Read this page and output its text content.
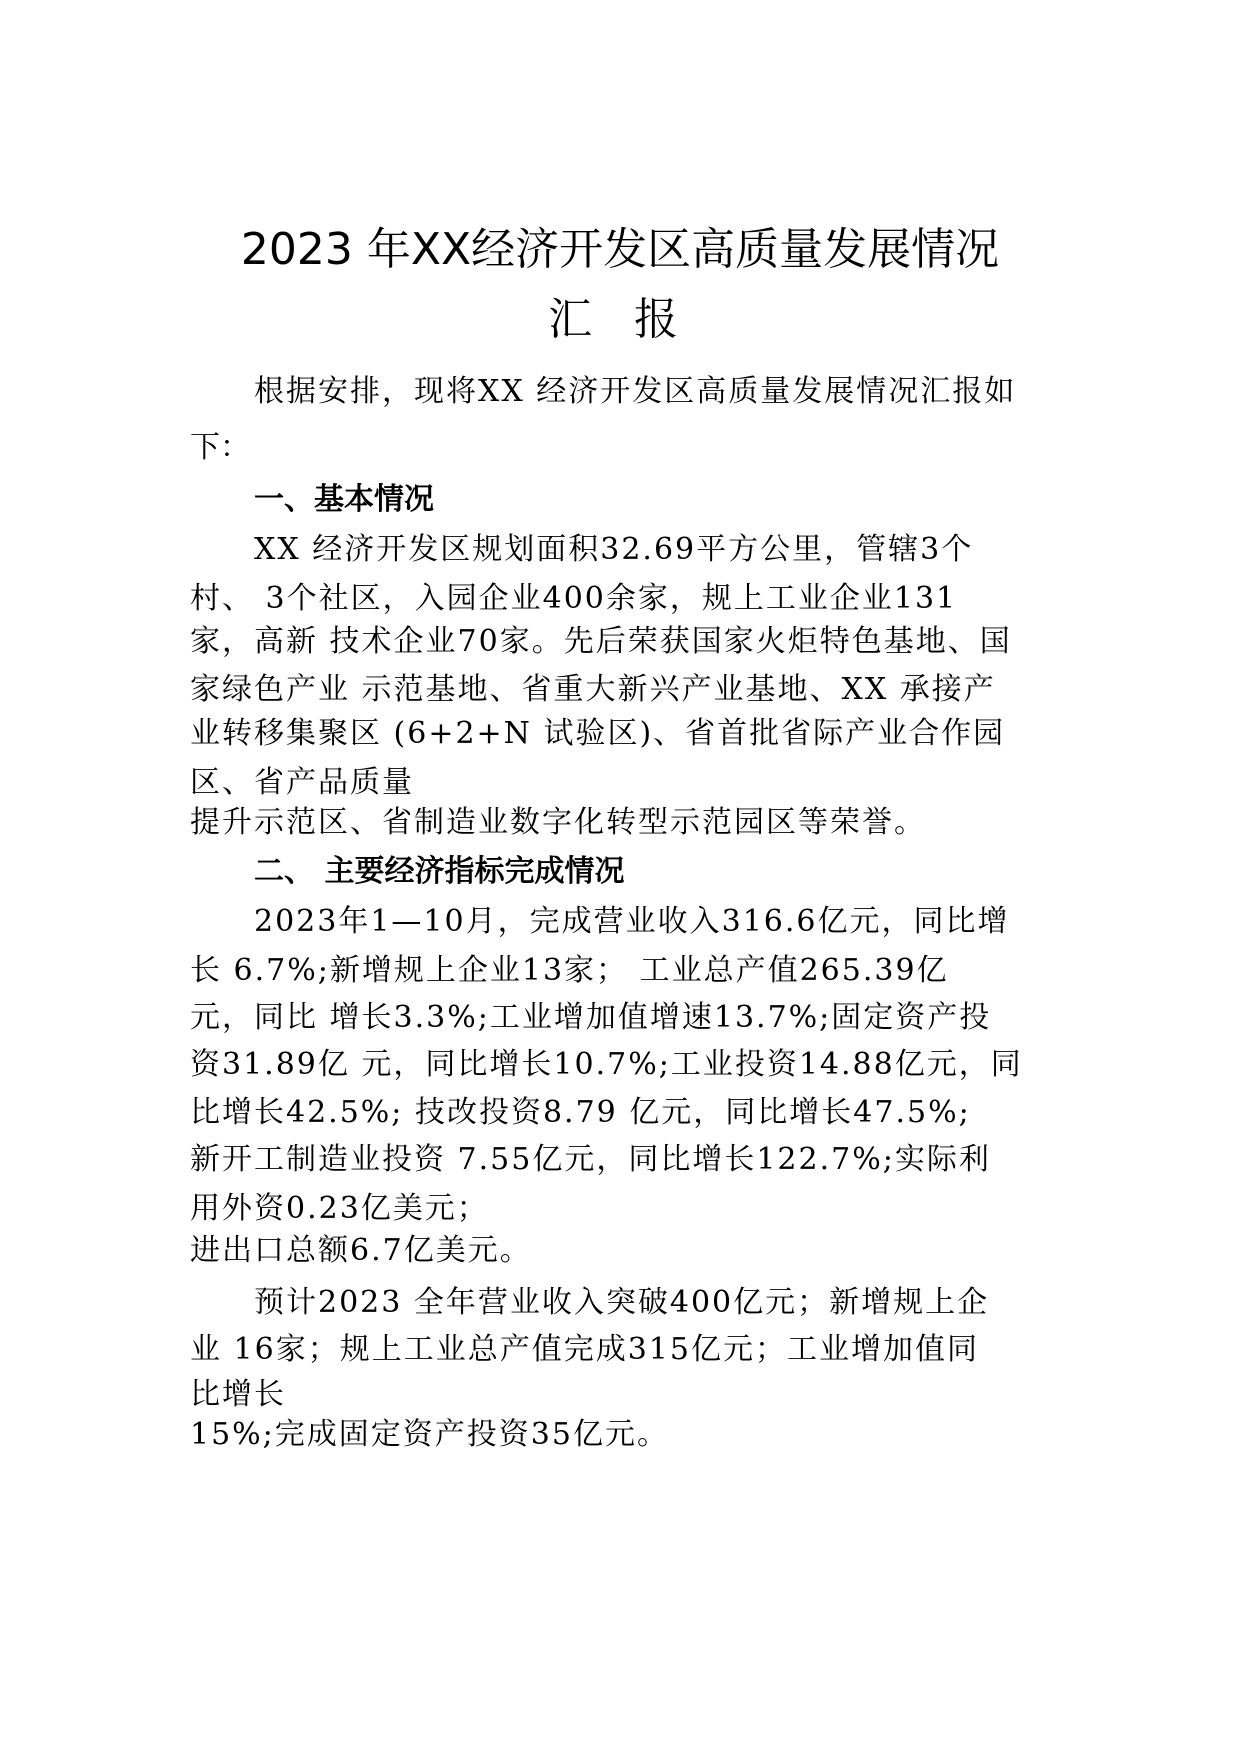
2023 年XX经济开发区高质量发展情况
汇 报
根据安排，现将XX 经济开发区高质量发展情况汇报如
下：
一、基本情况
XX 经济开发区规划面积32.69平方公里，管辖3个
村、 3个社区，入园企业400余家，规上工业企业131
家，高新 技术企业70家。先后荣获国家火炬特色基地、国
家绿色产业 示范基地、省重大新兴产业基地、XX 承接产
业转移集聚区 (6+2+N 试验区)、省首批省际产业合作园
区、省产品质量
提升示范区、省制造业数字化转型示范园区等荣誉。
二、 主要经济指标完成情况
2023年1—10月，完成营业收入316.6亿元，同比增
长 6.7%;新增规上企业13家； 工业总产值265.39亿
元，同比 增长3.3%;工业增加值增速13.7%;固定资产投
资31.89亿 元，同比增长10.7%;工业投资14.88亿元，同
比增长42.5%; 技改投资8.79 亿元，同比增长47.5%;
新开工制造业投资 7.55亿元，同比增长122.7%;实际利
用外资0.23亿美元；
进出口总额6.7亿美元。
预计2023 全年营业收入突破400亿元；新增规上企
业 16家；规上工业总产值完成315亿元；工业增加值同
比增长
15%;完成固定资产投资35亿元。
